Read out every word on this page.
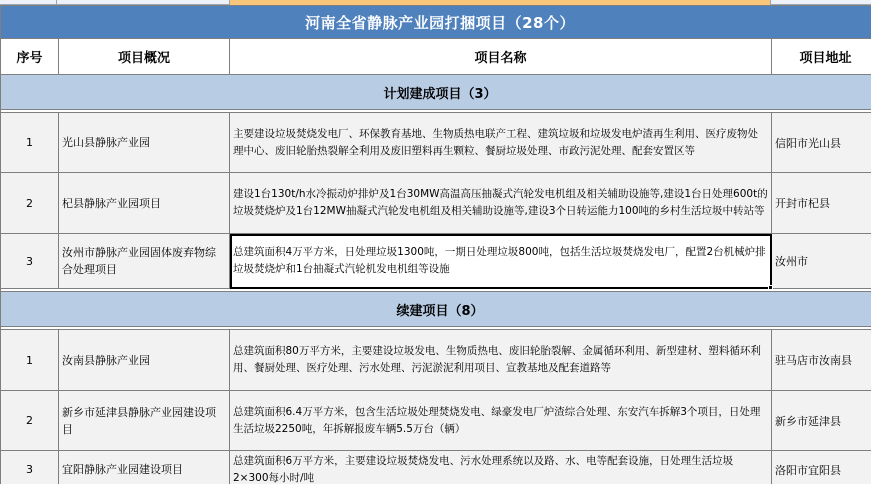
河南全省静脉产业园打捆项目（28个）			
序号	项目概况	项目名称	项目地址
计划建成项目（3）			

1	光山县静脉产业园	主要建设垃圾焚烧发电厂、环保教育基地、生物质热电联产工程、建筑垃圾和垃圾发电炉渣再生利用、医疗废物处理中心、废旧轮胎热裂解全利用及废旧塑料再生颗粒、餐厨垃圾处理、市政污泥处理、配套安置区等	信阳市光山县
2	杞县静脉产业园项目	建设1台130t/h水冷振动炉排炉及1台30MW高温高压抽凝式汽轮发电机组及相关辅助设施等,建设1台日处理600t的垃圾焚烧炉及1台12MW抽凝式汽轮发电机组及相关辅助设施等,建设3个日转运能力100吨的乡村生活垃圾中转站等	开封市杞县
3	汝州市静脉产业园固体废弃物综合处理项目	总建筑面积4万平方米，日处理垃圾1300吨，一期日处理垃圾800吨，包括生活垃圾焚烧发电厂，配置2台机械炉排垃圾焚烧炉和1台抽凝式汽轮机发电机组等设施	汝州市

续建项目（8）			

1	汝南县静脉产业园	总建筑面积80万平方米，主要建设垃圾发电、生物质热电、废旧轮胎裂解、金属循环利用、新型建材、塑料循环利用、餐厨处理、医疗处理、污水处理、污泥淤泥利用项目、宣教基地及配套道路等	驻马店市汝南县
2	新乡市延津县静脉产业园建设项目	总建筑面积6.4万平方米，包含生活垃圾处理焚烧发电、绿豪发电厂炉渣综合处理、东安汽车拆解3个项目，日处理生活垃圾2250吨，年拆解报废车辆5.5万台（辆）	新乡市延津县
3	宜阳静脉产业园建设项目	总建筑面积6万平方米，主要建设垃圾焚烧发电、污水处理系统以及路、水、电等配套设施，日处理生活垃圾2×300每小时/吨	洛阳市宜阳县
